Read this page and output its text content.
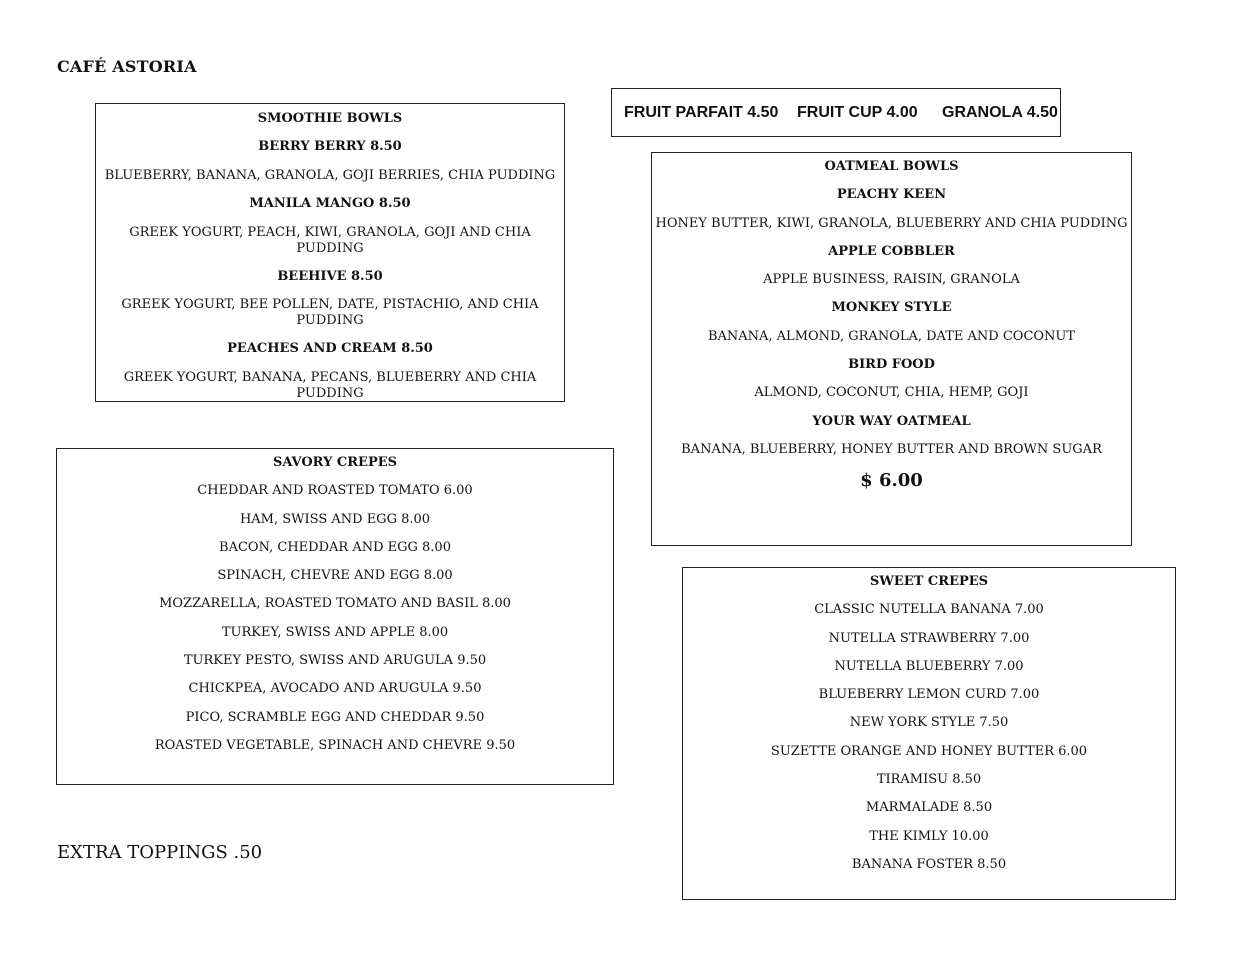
CAFÉ ASTORIA
SMOOTHIE BOWLS
BERRY BERRY 8.50
BLUEBERRY, BANANA, GRANOLA, GOJI BERRIES, CHIA PUDDING
MANILA MANGO 8.50
GREEK YOGURT, PEACH, KIWI, GRANOLA, GOJI AND CHIA PUDDING
BEEHIVE 8.50
GREEK YOGURT, BEE POLLEN, DATE, PISTACHIO, AND CHIA PUDDING
PEACHES AND CREAM 8.50
GREEK YOGURT, BANANA, PECANS, BLUEBERRY AND CHIA PUDDING
FRUIT PARFAIT 4.50	FRUIT CUP 4.00	GRANOLA 4.50
OATMEAL BOWLS
PEACHY KEEN
HONEY BUTTER, KIWI, GRANOLA, BLUEBERRY AND CHIA PUDDING
APPLE COBBLER
APPLE BUSINESS, RAISIN, GRANOLA
MONKEY STYLE
BANANA, ALMOND, GRANOLA, DATE AND COCONUT
BIRD FOOD
ALMOND, COCONUT, CHIA, HEMP, GOJI
YOUR WAY OATMEAL
BANANA, BLUEBERRY, HONEY BUTTER AND BROWN SUGAR
$ 6.00
SAVORY CREPES
CHEDDAR AND ROASTED TOMATO 6.00
HAM, SWISS AND EGG 8.00
BACON, CHEDDAR AND EGG 8.00
SPINACH, CHEVRE AND EGG 8.00
MOZZARELLA, ROASTED TOMATO AND BASIL 8.00
TURKEY, SWISS AND APPLE 8.00
TURKEY PESTO, SWISS AND ARUGULA 9.50
CHICKPEA, AVOCADO AND ARUGULA 9.50
PICO, SCRAMBLE EGG AND CHEDDAR 9.50
ROASTED VEGETABLE, SPINACH AND CHEVRE 9.50
SWEET CREPES
CLASSIC NUTELLA BANANA 7.00
NUTELLA STRAWBERRY 7.00
NUTELLA BLUEBERRY 7.00
BLUEBERRY LEMON CURD 7.00
NEW YORK STYLE 7.50
SUZETTE ORANGE AND HONEY BUTTER 6.00
TIRAMISU 8.50
MARMALADE 8.50
THE KIMLY 10.00
BANANA FOSTER 8.50
EXTRA TOPPINGS .50
